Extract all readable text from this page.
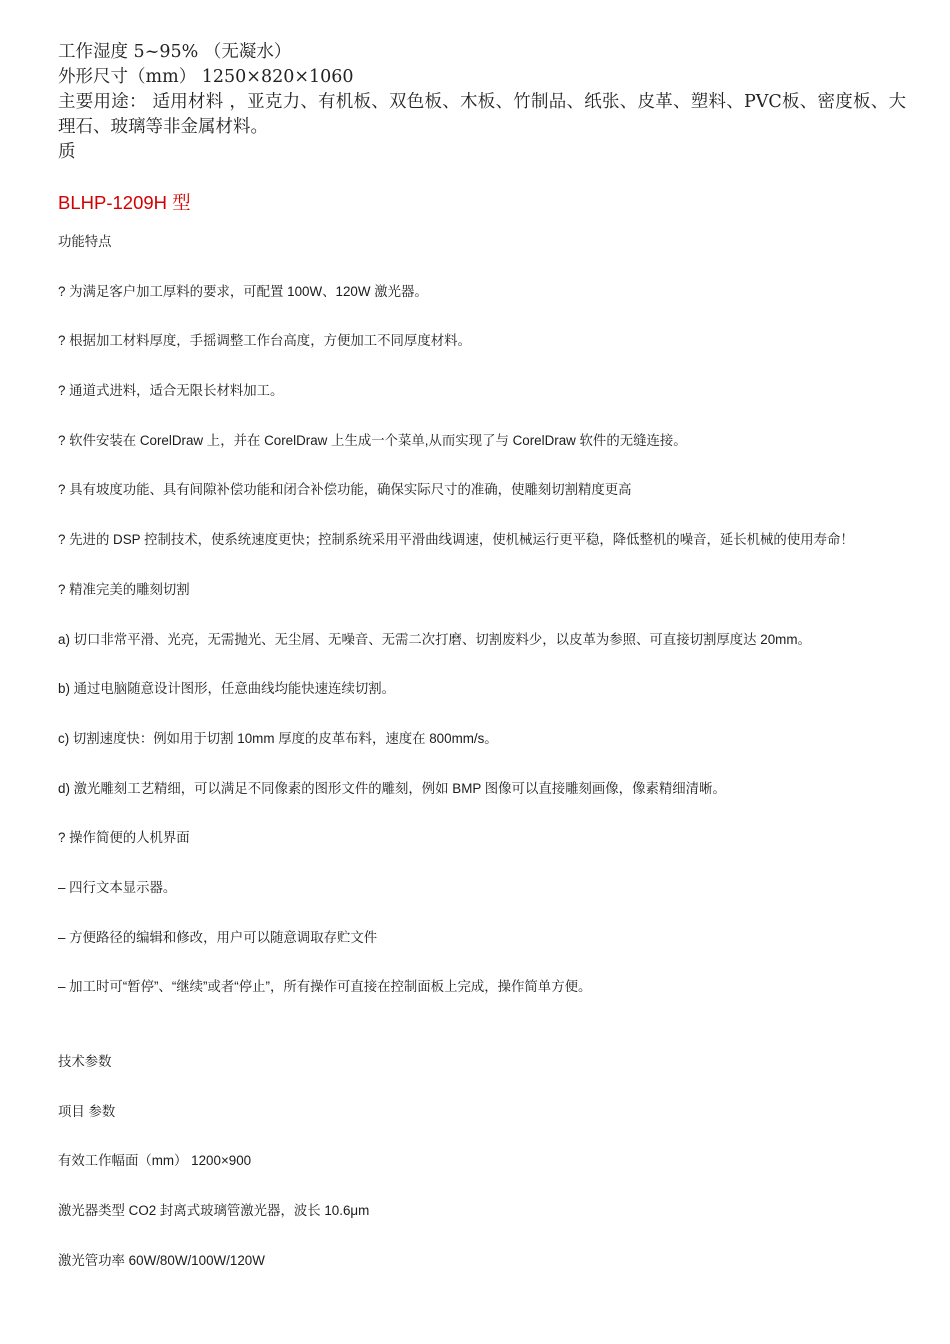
工作湿度 5~95% （无凝水）

外形尺寸（mm） 1250×820×1060

主要用途： 适用材料 ，亚克力、有机板、双色板、木板、竹制品、纸张、皮革、塑料、PVC板、密度板、大理石、玻璃等非金属材料。

质

BLHP-1209H 型

功能特点

? 为满足客户加工厚料的要求，可配置 100W、120W 激光器。

? 根据加工材料厚度，手摇调整工作台高度，方便加工不同厚度材料。

? 通道式进料，适合无限长材料加工。

? 软件安装在 CorelDraw 上，并在 CorelDraw 上生成一个菜单,从而实现了与 CorelDraw 软件的无缝连接。

? 具有坡度功能、具有间隙补偿功能和闭合补偿功能，确保实际尺寸的准确，使雕刻切割精度更高

? 先进的 DSP 控制技术，使系统速度更快；控制系统采用平滑曲线调速，使机械运行更平稳，降低整机的噪音，延长机械的使用寿命！

? 精准完美的雕刻切割

a) 切口非常平滑、光亮，无需抛光、无尘屑、无噪音、无需二次打磨、切割废料少，以皮革为参照、可直接切割厚度达 20mm。

b) 通过电脑随意设计图形，任意曲线均能快速连续切割。

c) 切割速度快：例如用于切割 10mm 厚度的皮革布料，速度在 800mm/s。

d) 激光雕刻工艺精细，可以满足不同像素的图形文件的雕刻，例如 BMP 图像可以直接雕刻画像，像素精细清晰。

? 操作简便的人机界面

– 四行文本显示器。

– 方便路径的编辑和修改，用户可以随意调取存贮文件

– 加工时可“暂停”、“继续”或者“停止”，所有操作可直接在控制面板上完成，操作简单方便。

技术参数

项目 参数

有效工作幅面（mm） 1200×900

激光器类型 CO2 封离式玻璃管激光器，波长 10.6μm

激光管功率 60W/80W/100W/120W
